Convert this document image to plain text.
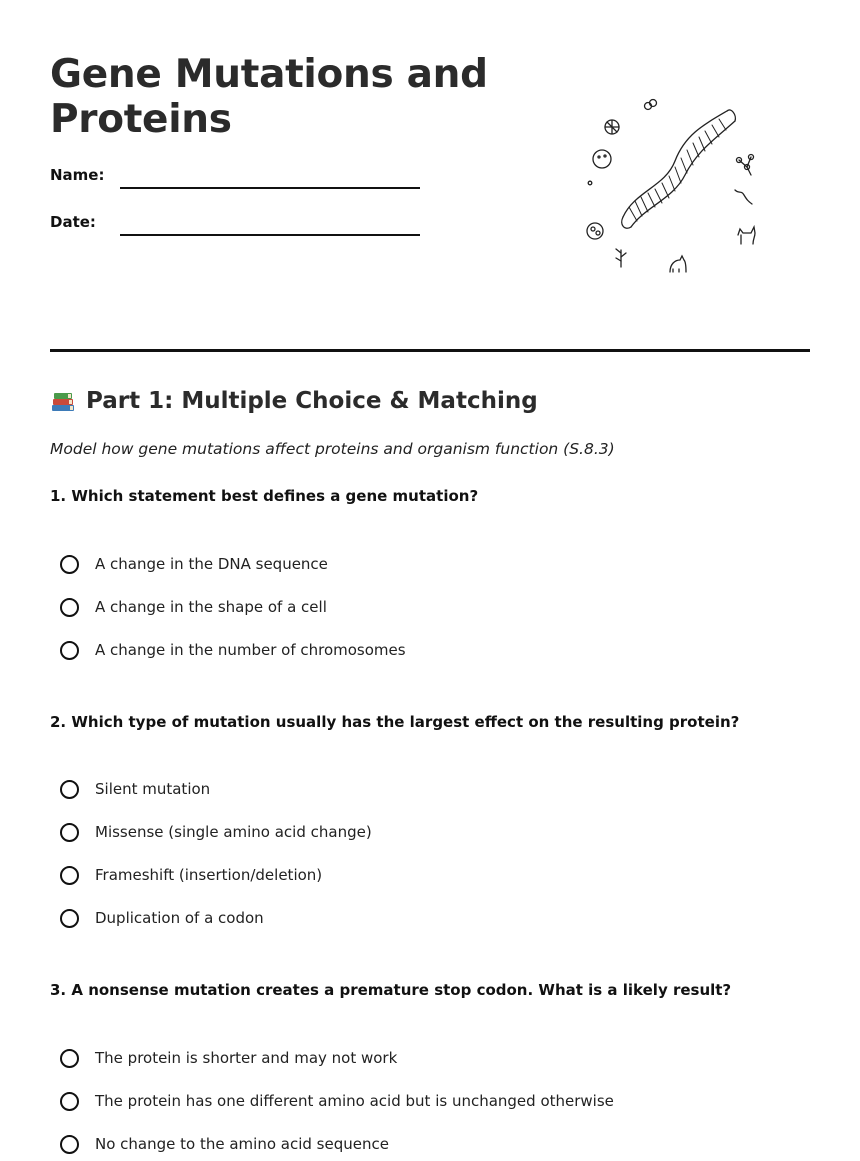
Gene Mutations and
Proteins
Name:
Date:
Part 1: Multiple Choice & Matching
Model how gene mutations affect proteins and organism function (S.8.3)
1. Which statement best defines a gene mutation?
A change in the DNA sequence
A change in the shape of a cell
A change in the number of chromosomes
2. Which type of mutation usually has the largest effect on the resulting protein?
Silent mutation
Missense (single amino acid change)
Frameshift (insertion/deletion)
Duplication of a codon
3. A nonsense mutation creates a premature stop codon. What is a likely result?
The protein is shorter and may not work
The protein has one different amino acid but is unchanged otherwise
No change to the amino acid sequence
